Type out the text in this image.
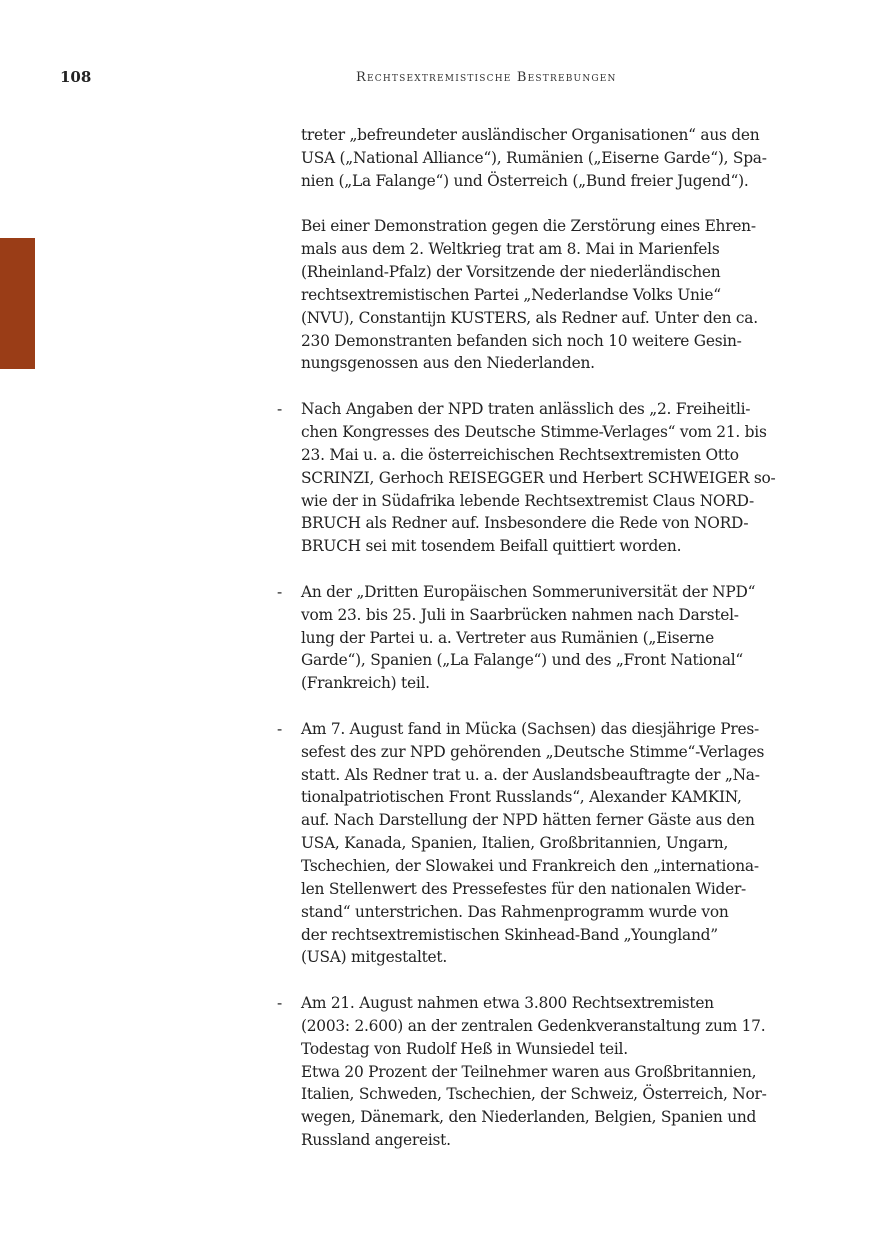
108	Rechtsextremistische Bestrebungen
treter „befreundeter ausländischer Organisationen“ aus den
USA („National Alliance“), Rumänien („Eiserne Garde“), Spa-
nien („La Falange“) und Österreich („Bund freier Jugend“).
Bei einer Demonstration gegen die Zerstörung eines Ehren-
mals aus dem 2. Weltkrieg trat am 8. Mai in Marienfels
(Rheinland-Pfalz) der Vorsitzende der niederländischen
rechtsextremistischen Partei „Nederlandse Volks Unie“
(NVU), Constantijn KUSTERS, als Redner auf. Unter den ca.
230 Demonstranten befanden sich noch 10 weitere Gesin-
nungsgenossen aus den Niederlanden.
- Nach Angaben der NPD traten anlässlich des „2. Freiheitli-
chen Kongresses des Deutsche Stimme-Verlages“ vom 21. bis
23. Mai u. a. die österreichischen Rechtsextremisten Otto
SCRINZI, Gerhoch REISEGGER und Herbert SCHWEIGER so-
wie der in Südafrika lebende Rechtsextremist Claus NORD-
BRUCH als Redner auf. Insbesondere die Rede von NORD-
BRUCH sei mit tosendem Beifall quittiert worden.
- An der „Dritten Europäischen Sommeruniversität der NPD“
vom 23. bis 25. Juli in Saarbrücken nahmen nach Darstel-
lung der Partei u. a. Vertreter aus Rumänien („Eiserne
Garde“), Spanien („La Falange“) und des „Front National“
(Frankreich) teil.
- Am 7. August fand in Mücka (Sachsen) das diesjährige Pres-
sefest des zur NPD gehörenden „Deutsche Stimme“-Verlages
statt. Als Redner trat u. a. der Auslandsbeauftragte der „Na-
tionalpatriotischen Front Russlands“, Alexander KAMKIN,
auf. Nach Darstellung der NPD hätten ferner Gäste aus den
USA, Kanada, Spanien, Italien, Großbritannien, Ungarn,
Tschechien, der Slowakei und Frankreich den „internationa-
len Stellenwert des Pressefestes für den nationalen Wider-
stand“ unterstrichen. Das Rahmenprogramm wurde von
der rechtsextremistischen Skinhead-Band „Youngland”
(USA) mitgestaltet.
- Am 21. August nahmen etwa 3.800 Rechtsextremisten
(2003: 2.600) an der zentralen Gedenkveranstaltung zum 17.
Todestag von Rudolf Heß in Wunsiedel teil.
Etwa 20 Prozent der Teilnehmer waren aus Großbritannien,
Italien, Schweden, Tschechien, der Schweiz, Österreich, Nor-
wegen, Dänemark, den Niederlanden, Belgien, Spanien und
Russland angereist.
